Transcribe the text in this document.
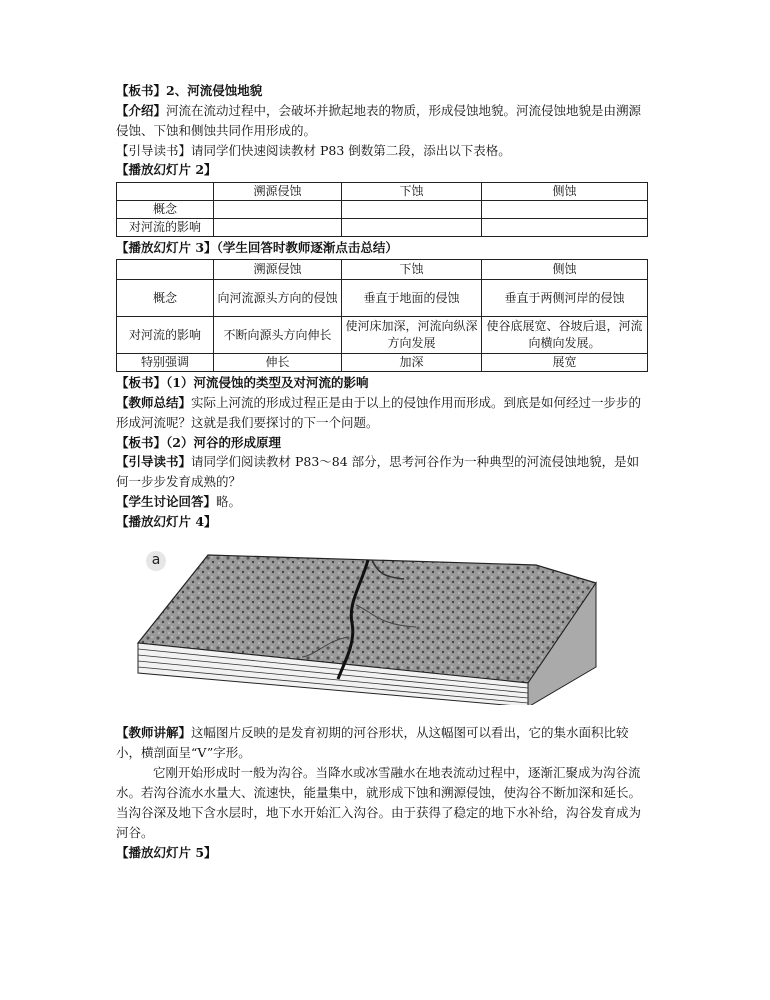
【板书】2、河流侵蚀地貌

【介绍】河流在流动过程中，会破坏并掀起地表的物质，形成侵蚀地貌。河流侵蚀地貌是由溯源侵蚀、下蚀和侧蚀共同作用形成的。

【引导读书】请同学们快速阅读教材 P83 倒数第二段，添出以下表格。

【播放幻灯片 2】

	溯源侵蚀	下蚀	侧蚀
概念			
对河流的影响			

【播放幻灯片 3】（学生回答时教师逐渐点击总结）

	溯源侵蚀	下蚀	侧蚀
概念	向河流源头方向的侵蚀	垂直于地面的侵蚀	垂直于两侧河岸的侵蚀
对河流的影响	不断向源头方向伸长	使河床加深，河流向纵深方向发展	使谷底展宽、谷坡后退，河流向横向发展。
特别强调	伸长	加深	展宽

【板书】（1）河流侵蚀的类型及对河流的影响

【教师总结】实际上河流的形成过程正是由于以上的侵蚀作用而形成。到底是如何经过一步步的形成河流呢？这就是我们要探讨的下一个问题。

【板书】（2）河谷的形成原理

【引导读书】请同学们阅读教材 P83～84 部分，思考河谷作为一种典型的河流侵蚀地貌，是如何一步步发育成熟的？

【学生讨论回答】略。

【播放幻灯片 4】

a

【教师讲解】这幅图片反映的是发育初期的河谷形状，从这幅图可以看出，它的集水面积比较小，横剖面呈“V”字形。

它刚开始形成时一般为沟谷。当降水或冰雪融水在地表流动过程中，逐渐汇聚成为沟谷流水。若沟谷流水水量大、流速快，能量集中，就形成下蚀和溯源侵蚀，使沟谷不断加深和延长。当沟谷深及地下含水层时，地下水开始汇入沟谷。由于获得了稳定的地下水补给，沟谷发育成为河谷。

【播放幻灯片 5】
